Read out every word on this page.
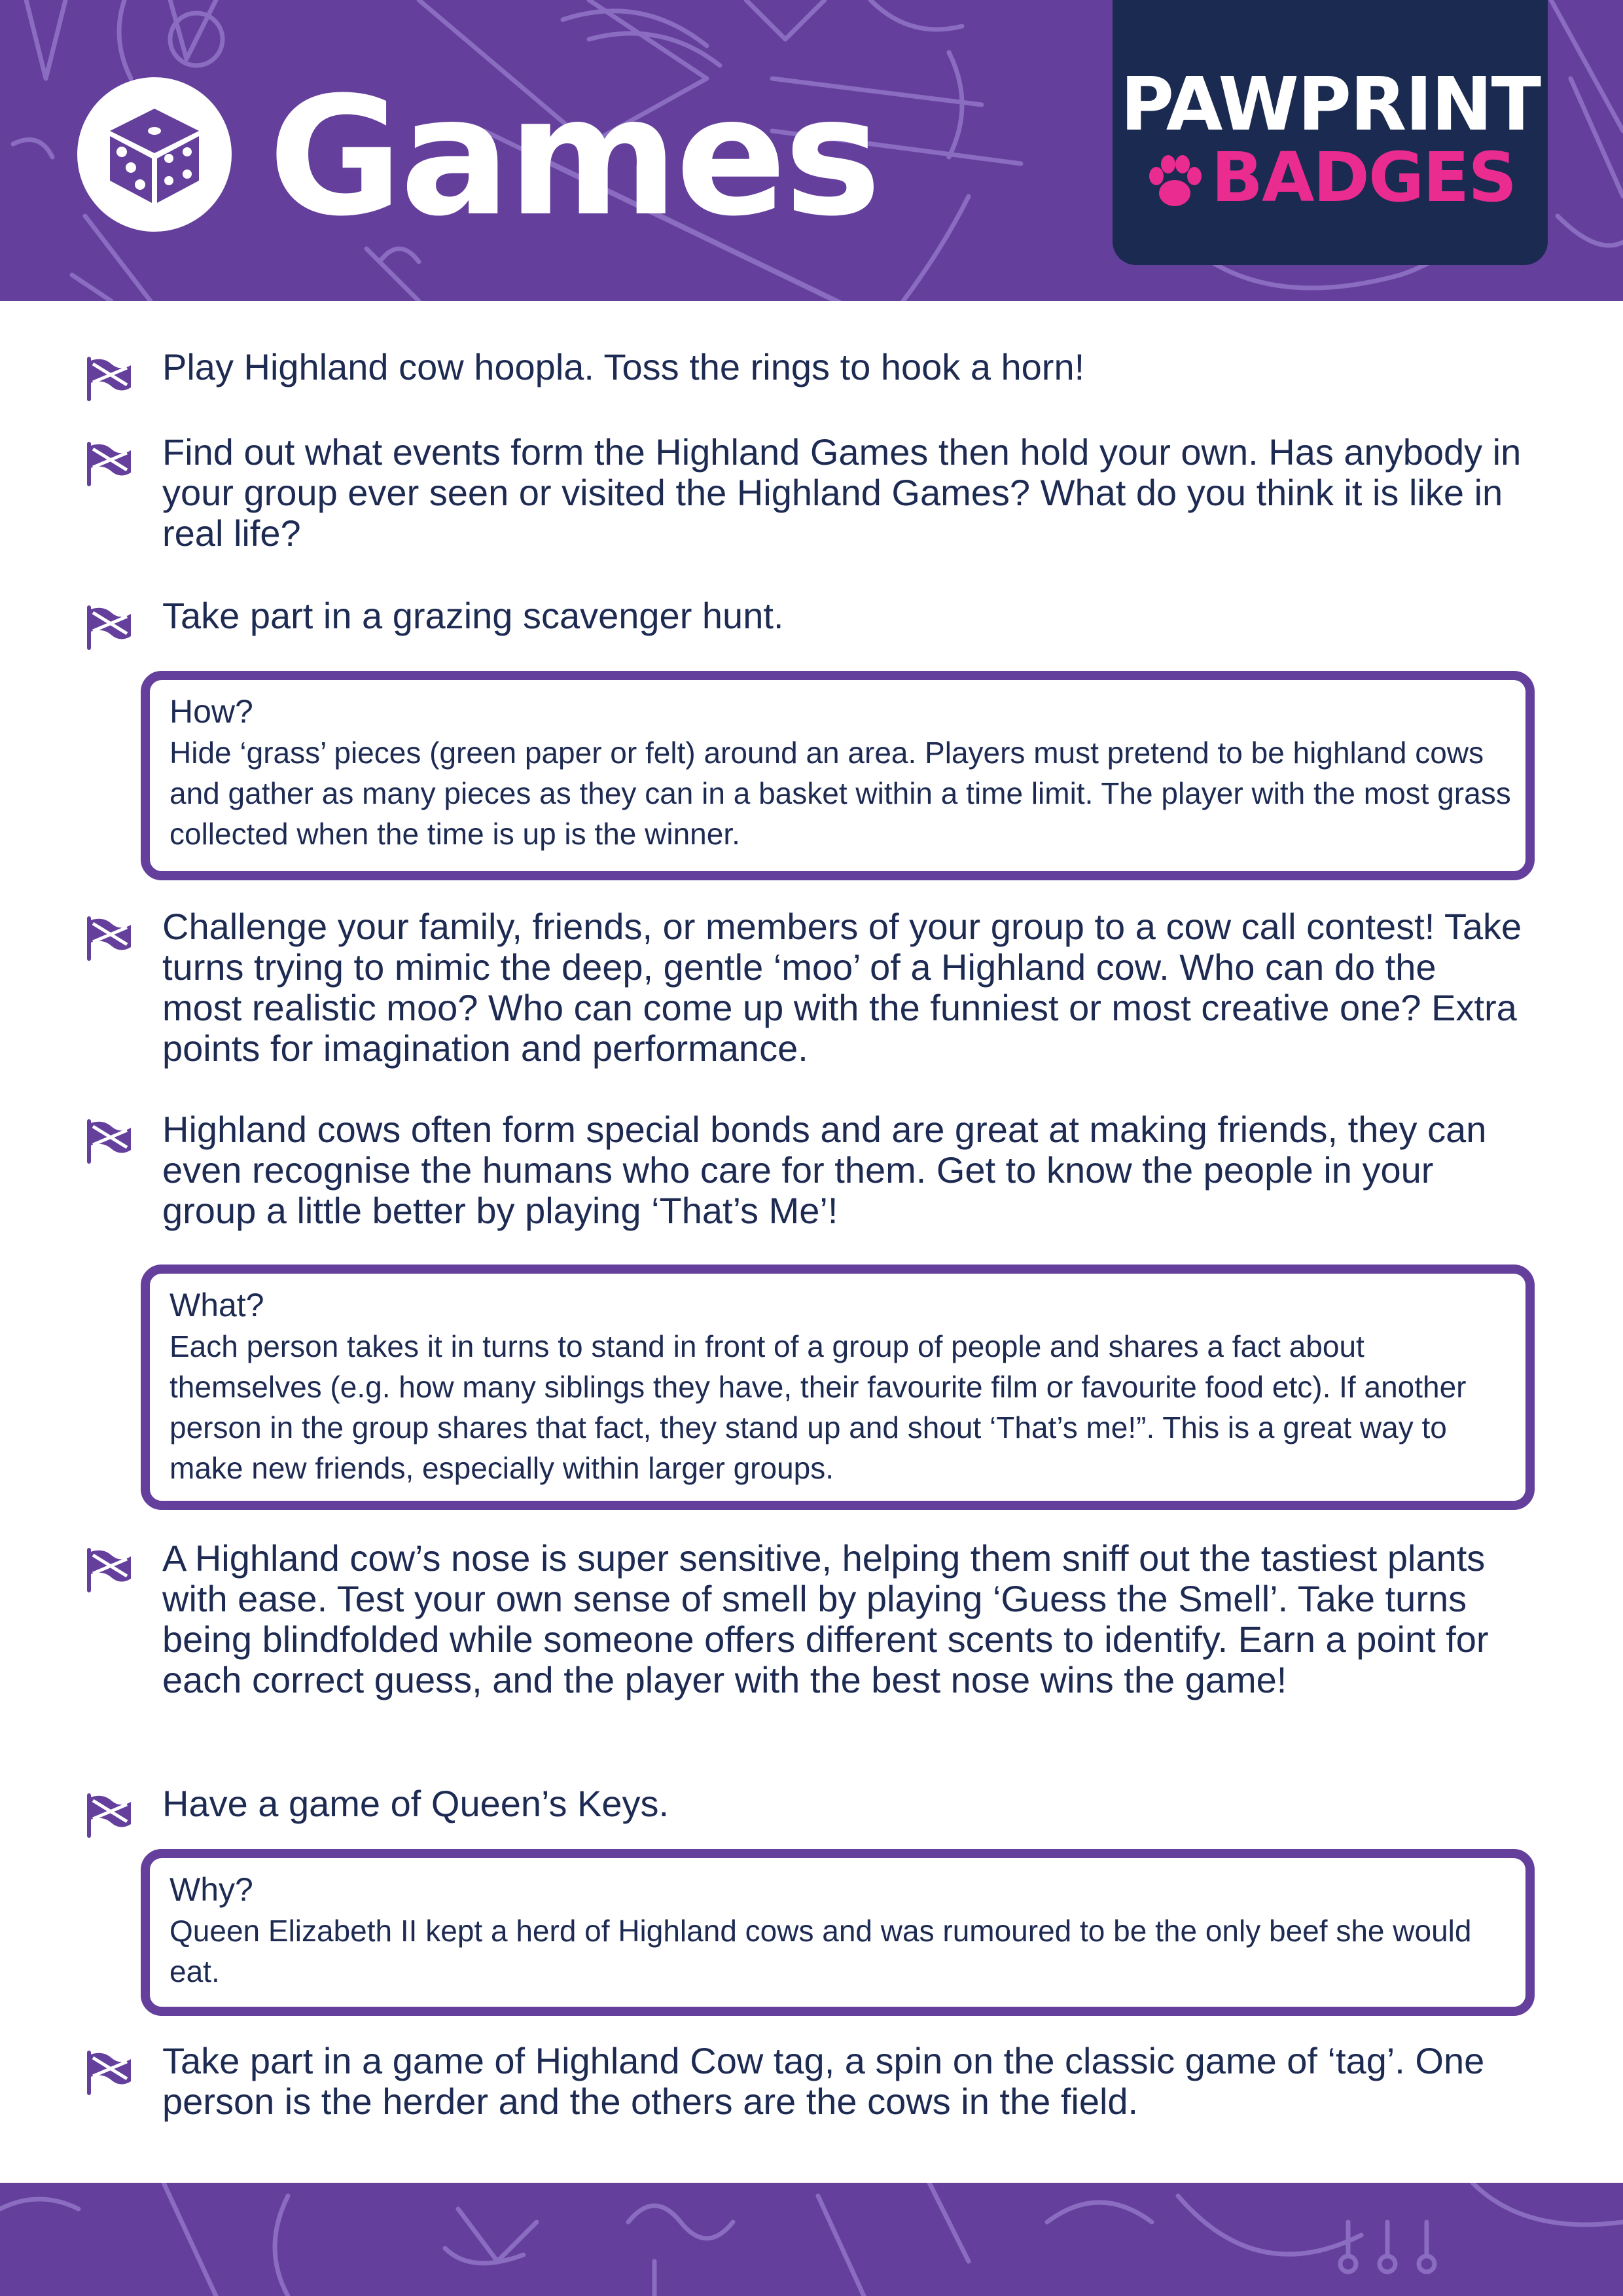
Games	PAWPRINT
BADGES
Play Highland cow hoopla. Toss the rings to hook a horn!
Find out what events form the Highland Games then hold your own. Has anybody in your group ever seen or visited the Highland Games? What do you think it is like in real life?
Take part in a grazing scavenger hunt.
How?
Hide ‘grass’ pieces (green paper or felt) around an area. Players must pretend to be highland cows and gather as many pieces as they can in a basket within a time limit. The player with the most grass collected when the time is up is the winner.
Challenge your family, friends, or members of your group to a cow call contest! Take turns trying to mimic the deep, gentle ‘moo’ of a Highland cow. Who can do the most realistic moo? Who can come up with the funniest or most creative one? Extra points for imagination and performance.
Highland cows often form special bonds and are great at making friends, they can even recognise the humans who care for them. Get to know the people in your group a little better by playing ‘That’s Me’!
What?
Each person takes it in turns to stand in front of a group of people and shares a fact about themselves (e.g. how many siblings they have, their favourite film or favourite food etc). If another person in the group shares that fact, they stand up and shout ‘That’s me!”. This is a great way to make new friends, especially within larger groups.
A Highland cow’s nose is super sensitive, helping them sniff out the tastiest plants with ease. Test your own sense of smell by playing ‘Guess the Smell’. Take turns being blindfolded while someone offers different scents to identify. Earn a point for each correct guess, and the player with the best nose wins the game!
Have a game of Queen’s Keys.
Why?
Queen Elizabeth II kept a herd of Highland cows and was rumoured to be the only beef she would eat.
Take part in a game of Highland Cow tag, a spin on the classic game of ‘tag’. One person is the herder and the others are the cows in the field.
